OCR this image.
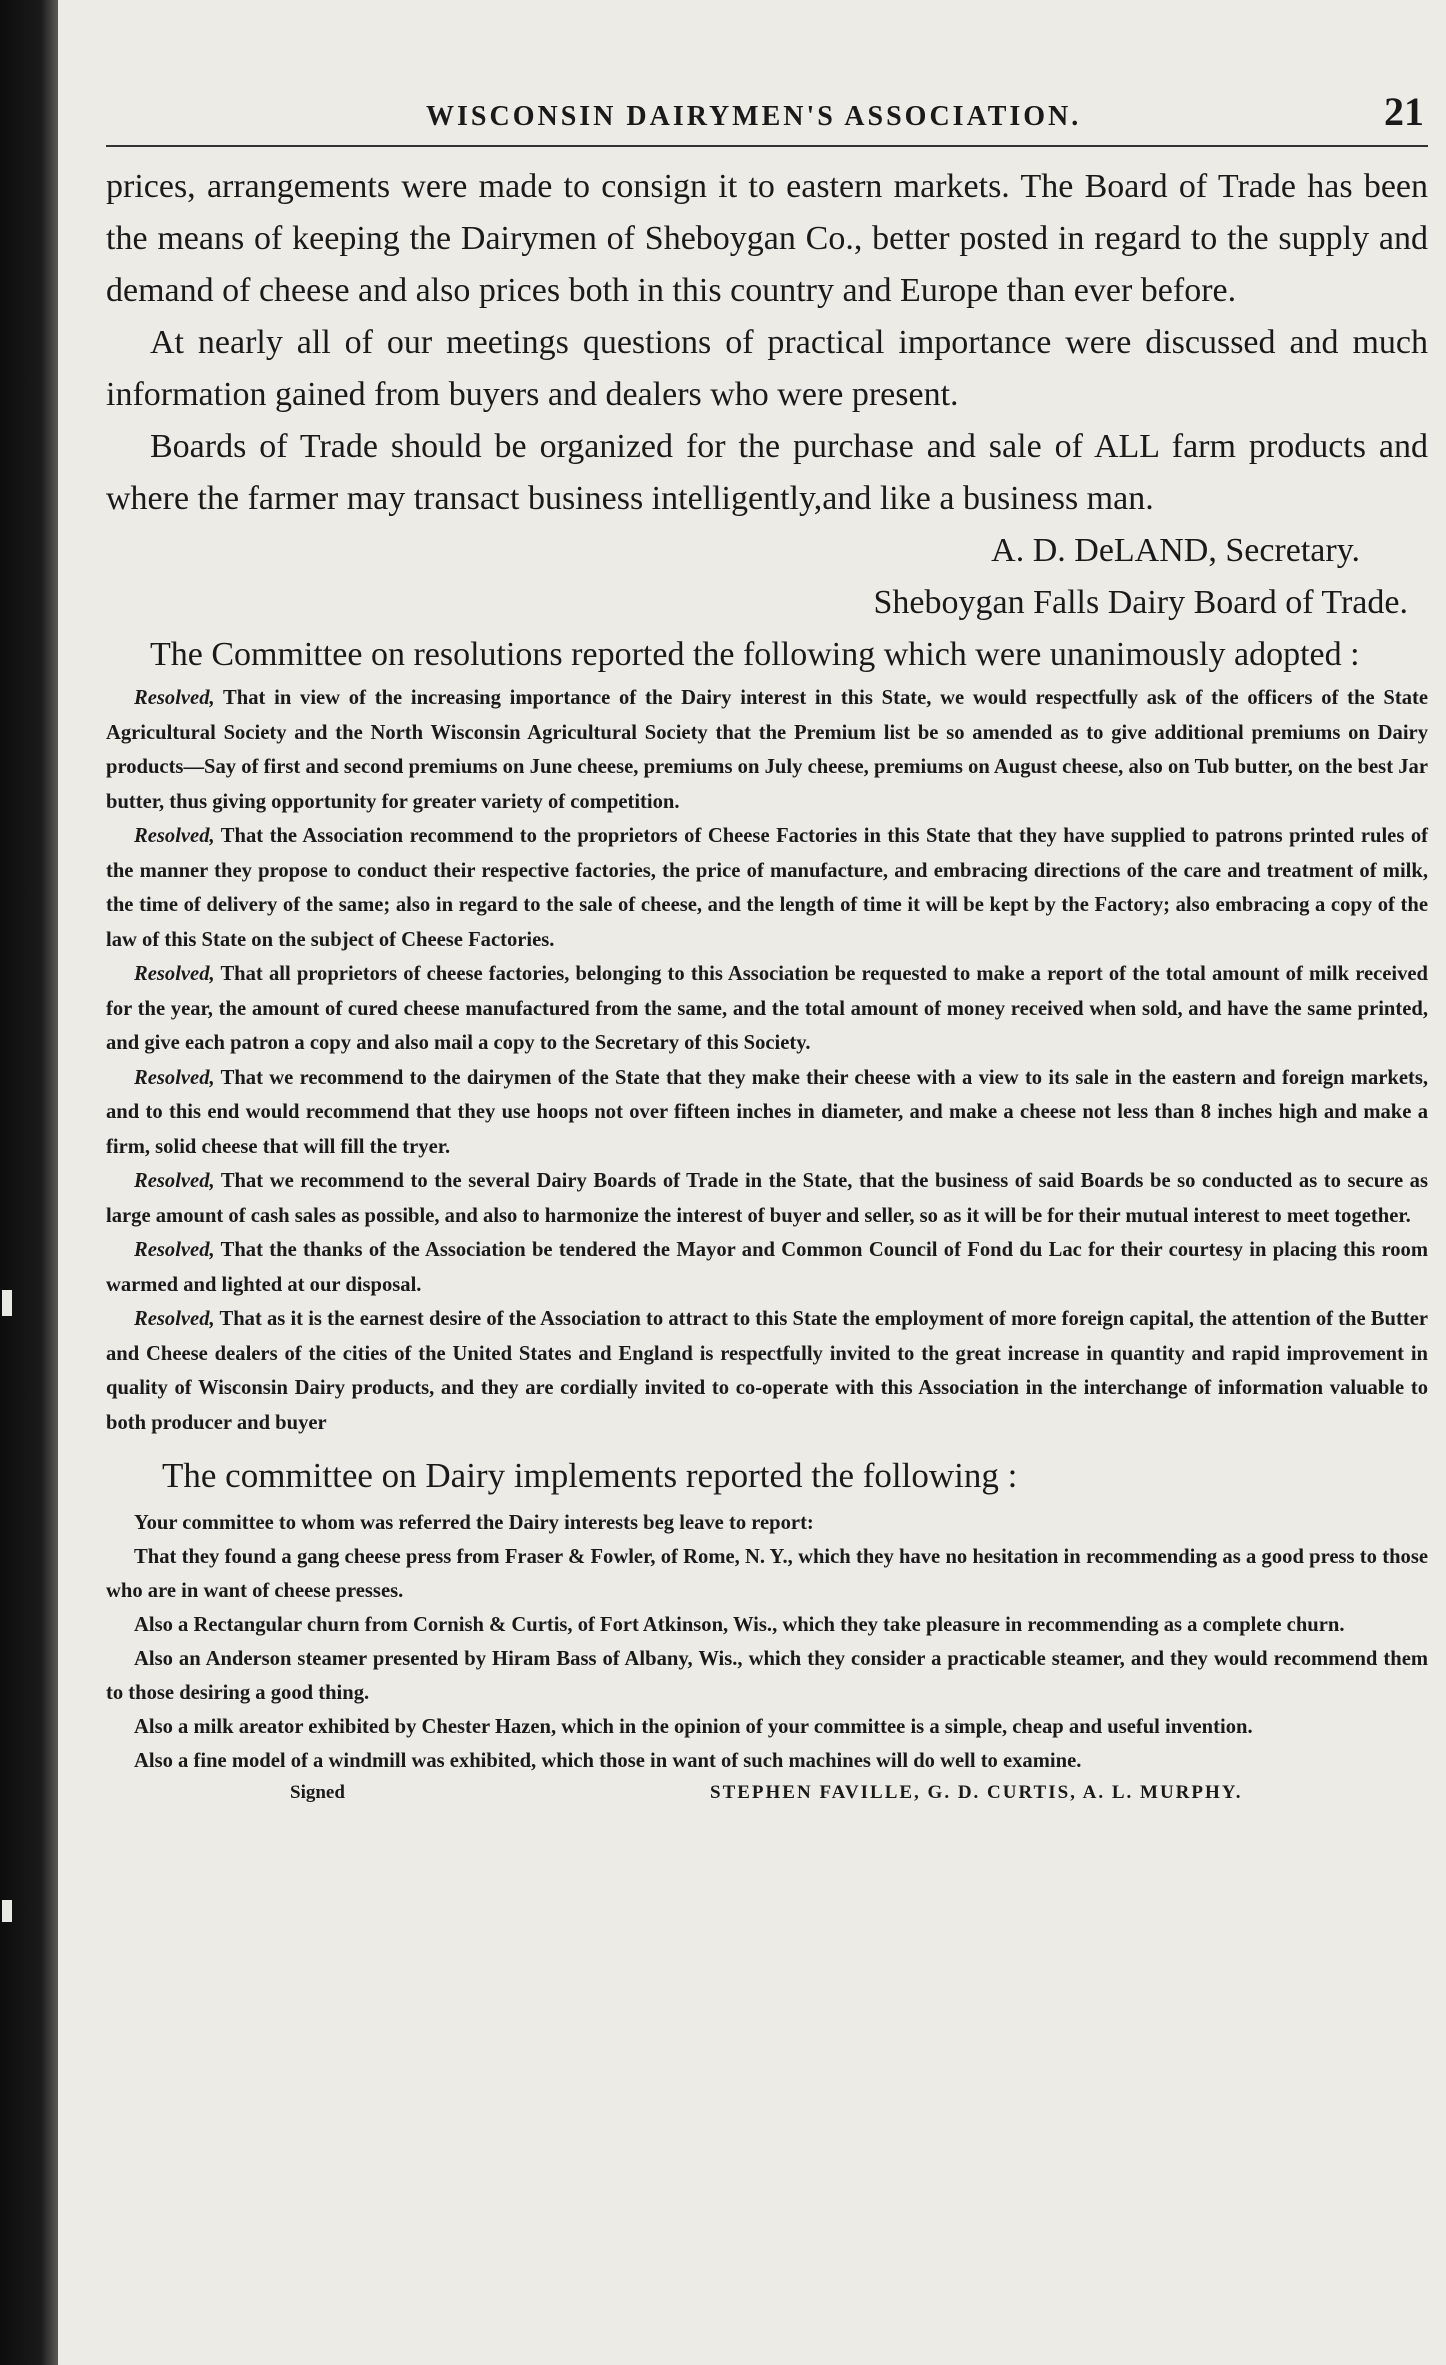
WISCONSIN DAIRYMEN'S ASSOCIATION.	21

prices, arrangements were made to consign it to eastern markets. The Board of Trade has been the means of keeping the Dairymen of Sheboygan Co., better posted in regard to the supply and demand of cheese and also prices both in this country and Europe than ever before.

At nearly all of our meetings questions of practical importance were discussed and much information gained from buyers and dealers who were present.

Boards of Trade should be organized for the purchase and sale of ALL farm products and where the farmer may transact business intelligently,and like a business man.

A. D. DeLAND, Secretary.

Sheboygan Falls Dairy Board of Trade.

The Committee on resolutions reported the following which were unanimously adopted :

Resolved, That in view of the increasing importance of the Dairy interest in this State, we would respectfully ask of the officers of the State Agricultural Society and the North Wisconsin Agricultural Society that the Premium list be so amended as to give additional premiums on Dairy products—Say of first and second premiums on June cheese, premiums on July cheese, premiums on August cheese, also on Tub butter, on the best Jar butter, thus giving opportunity for greater variety of competition.

Resolved, That the Association recommend to the proprietors of Cheese Factories in this State that they have supplied to patrons printed rules of the manner they propose to conduct their respective factories, the price of manufacture, and embracing directions of the care and treatment of milk, the time of delivery of the same; also in regard to the sale of cheese, and the length of time it will be kept by the Factory; also embracing a copy of the law of this State on the subject of Cheese Factories.

Resolved, That all proprietors of cheese factories, belonging to this Association be requested to make a report of the total amount of milk received for the year, the amount of cured cheese manufactured from the same, and the total amount of money received when sold, and have the same printed, and give each patron a copy and also mail a copy to the Secretary of this Society.

Resolved, That we recommend to the dairymen of the State that they make their cheese with a view to its sale in the eastern and foreign markets, and to this end would recommend that they use hoops not over fifteen inches in diameter, and make a cheese not less than 8 inches high and make a firm, solid cheese that will fill the tryer.

Resolved, That we recommend to the several Dairy Boards of Trade in the State, that the business of said Boards be so conducted as to secure as large amount of cash sales as possible, and also to harmonize the interest of buyer and seller, so as it will be for their mutual interest to meet together.

Resolved, That the thanks of the Association be tendered the Mayor and Common Council of Fond du Lac for their courtesy in placing this room warmed and lighted at our disposal.

Resolved, That as it is the earnest desire of the Association to attract to this State the employment of more foreign capital, the attention of the Butter and Cheese dealers of the cities of the United States and England is respectfully invited to the great increase in quantity and rapid improvement in quality of Wisconsin Dairy products, and they are cordially invited to co-operate with this Association in the interchange of information valuable to both producer and buyer

The committee on Dairy implements reported the following :

Your committee to whom was referred the Dairy interests beg leave to report:

That they found a gang cheese press from Fraser & Fowler, of Rome, N. Y., which they have no hesitation in recommending as a good press to those who are in want of cheese presses.

Also a Rectangular churn from Cornish & Curtis, of Fort Atkinson, Wis., which they take pleasure in recommending as a complete churn.

Also an Anderson steamer presented by Hiram Bass of Albany, Wis., which they consider a practicable steamer, and they would recommend them to those desiring a good thing.

Also a milk areator exhibited by Chester Hazen, which in the opinion of your committee is a simple, cheap and useful invention.

Also a fine model of a windmill was exhibited, which those in want of such machines will do well to examine.

Signed	STEPHEN FAVILLE, G. D. CURTIS, A. L. MURPHY.
